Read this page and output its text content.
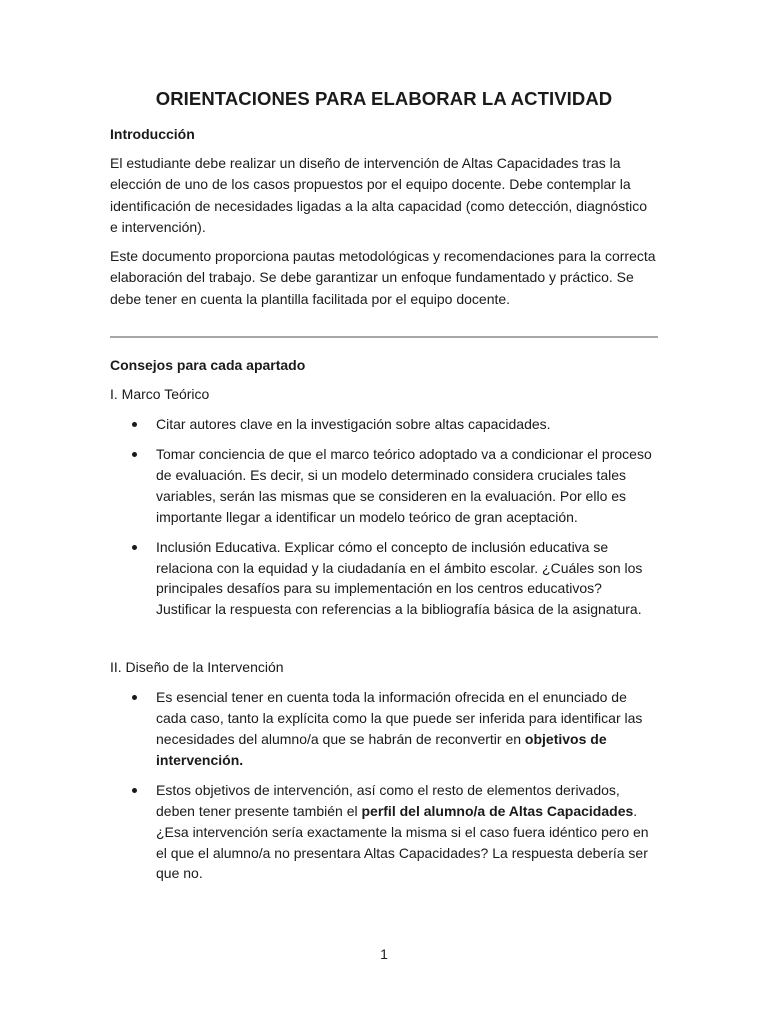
ORIENTACIONES PARA ELABORAR LA ACTIVIDAD
Introducción

El estudiante debe realizar un diseño de intervención de Altas Capacidades tras la elección de uno de los casos propuestos por el equipo docente. Debe contemplar la identificación de necesidades ligadas a la alta capacidad (como detección, diagnóstico e intervención).

Este documento proporciona pautas metodológicas y recomendaciones para la correcta elaboración del trabajo. Se debe garantizar un enfoque fundamentado y práctico. Se debe tener en cuenta la plantilla facilitada por el equipo docente.

Consejos para cada apartado
I. Marco Teórico
Citar autores clave en la investigación sobre altas capacidades.
Tomar conciencia de que el marco teórico adoptado va a condicionar el proceso de evaluación. Es decir, si un modelo determinado considera cruciales tales variables, serán las mismas que se consideren en la evaluación. Por ello es importante llegar a identificar un modelo teórico de gran aceptación.
Inclusión Educativa. Explicar cómo el concepto de inclusión educativa se relaciona con la equidad y la ciudadanía en el ámbito escolar. ¿Cuáles son los principales desafíos para su implementación en los centros educativos? Justificar la respuesta con referencias a la bibliografía básica de la asignatura.
II. Diseño de la Intervención
Es esencial tener en cuenta toda la información ofrecida en el enunciado de cada caso, tanto la explícita como la que puede ser inferida para identificar las necesidades del alumno/a que se habrán de reconvertir en objetivos de intervención.
Estos objetivos de intervención, así como el resto de elementos derivados, deben tener presente también el perfil del alumno/a de Altas Capacidades. ¿Esa intervención sería exactamente la misma si el caso fuera idéntico pero en el que el alumno/a no presentara Altas Capacidades? La respuesta debería ser que no.
1
